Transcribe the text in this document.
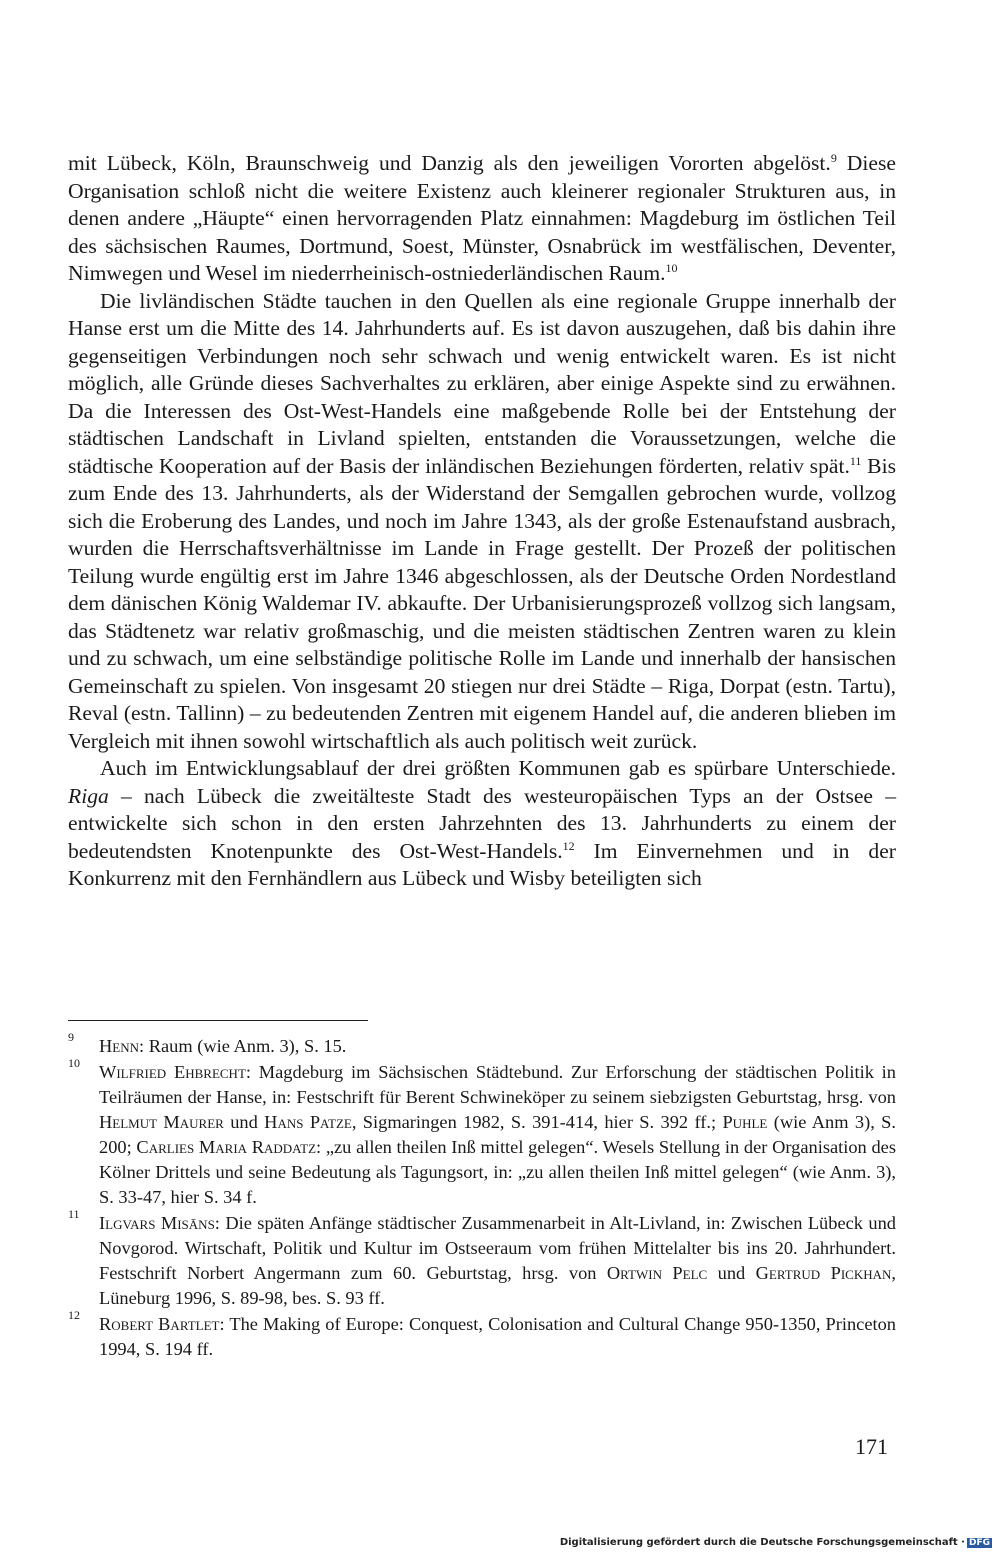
mit Lübeck, Köln, Braunschweig und Danzig als den jeweiligen Vororten abgelöst.$^9$ Diese Organisation schloß nicht die weitere Existenz auch kleinerer regionaler Strukturen aus, in denen andere „Häupte“ einen hervorragenden Platz einnahmen: Magdeburg im östlichen Teil des sächsischen Raumes, Dortmund, Soest, Münster, Osnabrück im westfälischen, Deventer, Nimwegen und Wesel im niederrheinisch-ostniederländischen Raum.$^{10}$

Die livländischen Städte tauchen in den Quellen als eine regionale Gruppe innerhalb der Hanse erst um die Mitte des 14. Jahrhunderts auf. Es ist davon auszugehen, daß bis dahin ihre gegenseitigen Verbindungen noch sehr schwach und wenig entwickelt waren. Es ist nicht möglich, alle Gründe dieses Sachverhaltes zu erklären, aber einige Aspekte sind zu erwähnen. Da die Interessen des Ost-West-Handels eine maßgebende Rolle bei der Entstehung der städtischen Landschaft in Livland spielten, entstanden die Voraussetzungen, welche die städtische Kooperation auf der Basis der inländischen Beziehungen förderten, relativ spät.$^{11}$ Bis zum Ende des 13. Jahrhunderts, als der Widerstand der Semgallen gebrochen wurde, vollzog sich die Eroberung des Landes, und noch im Jahre 1343, als der große Estenaufstand ausbrach, wurden die Herrschaftsverhältnisse im Lande in Frage gestellt. Der Prozeß der politischen Teilung wurde engültig erst im Jahre 1346 abgeschlossen, als der Deutsche Orden Nordestland dem dänischen König Waldemar IV. abkaufte. Der Urbanisierungsprozeß vollzog sich langsam, das Städtenetz war relativ großmaschig, und die meisten städtischen Zentren waren zu klein und zu schwach, um eine selbständige politische Rolle im Lande und innerhalb der hansischen Gemeinschaft zu spielen. Von insgesamt 20 stiegen nur drei Städte – Riga, Dorpat (estn. Tartu), Reval (estn. Tallinn) – zu bedeutenden Zentren mit eigenem Handel auf, die anderen blieben im Vergleich mit ihnen sowohl wirtschaftlich als auch politisch weit zurück.

Auch im Entwicklungsablauf der drei größten Kommunen gab es spürbare Unterschiede. Riga – nach Lübeck die zweitälteste Stadt des westeuropäischen Typs an der Ostsee – entwickelte sich schon in den ersten Jahrzehnten des 13. Jahrhunderts zu einem der bedeutendsten Knotenpunkte des Ost-West-Handels.$^{12}$ Im Einvernehmen und in der Konkurrenz mit den Fernhändlern aus Lübeck und Wisby beteiligten sich

9 Henn: Raum (wie Anm. 3), S. 15.
10 Wilfried Ehbrecht: Magdeburg im Sächsischen Städtebund. Zur Erforschung der städtischen Politik in Teilräumen der Hanse, in: Festschrift für Berent Schwineköper zu seinem siebzigsten Geburtstag, hrsg. von Helmut Maurer und Hans Patze, Sigmaringen 1982, S. 391-414, hier S. 392 ff.; Puhle (wie Anm 3), S. 200; Carlies Maria Raddatz: „zu allen theilen Inß mittel gelegen“. Wesels Stellung in der Organisation des Kölner Drittels und seine Bedeutung als Tagungsort, in: „zu allen theilen Inß mittel gelegen“ (wie Anm. 3), S. 33-47, hier S. 34 f.
11 Ilgvars Misāns: Die späten Anfänge städtischer Zusammenarbeit in Alt-Livland, in: Zwischen Lübeck und Novgorod. Wirtschaft, Politik und Kultur im Ostseeraum vom frühen Mittelalter bis ins 20. Jahrhundert. Festschrift Norbert Angermann zum 60. Geburtstag, hrsg. von Ortwin Pelc und Gertrud Pickhan, Lüneburg 1996, S. 89-98, bes. S. 93 ff.
12 Robert Bartlet: The Making of Europe: Conquest, Colonisation and Cultural Change 950-1350, Princeton 1994, S. 194 ff.
171
Digitalisierung gefördert durch die Deutsche Forschungsgemeinschaft · DFG
